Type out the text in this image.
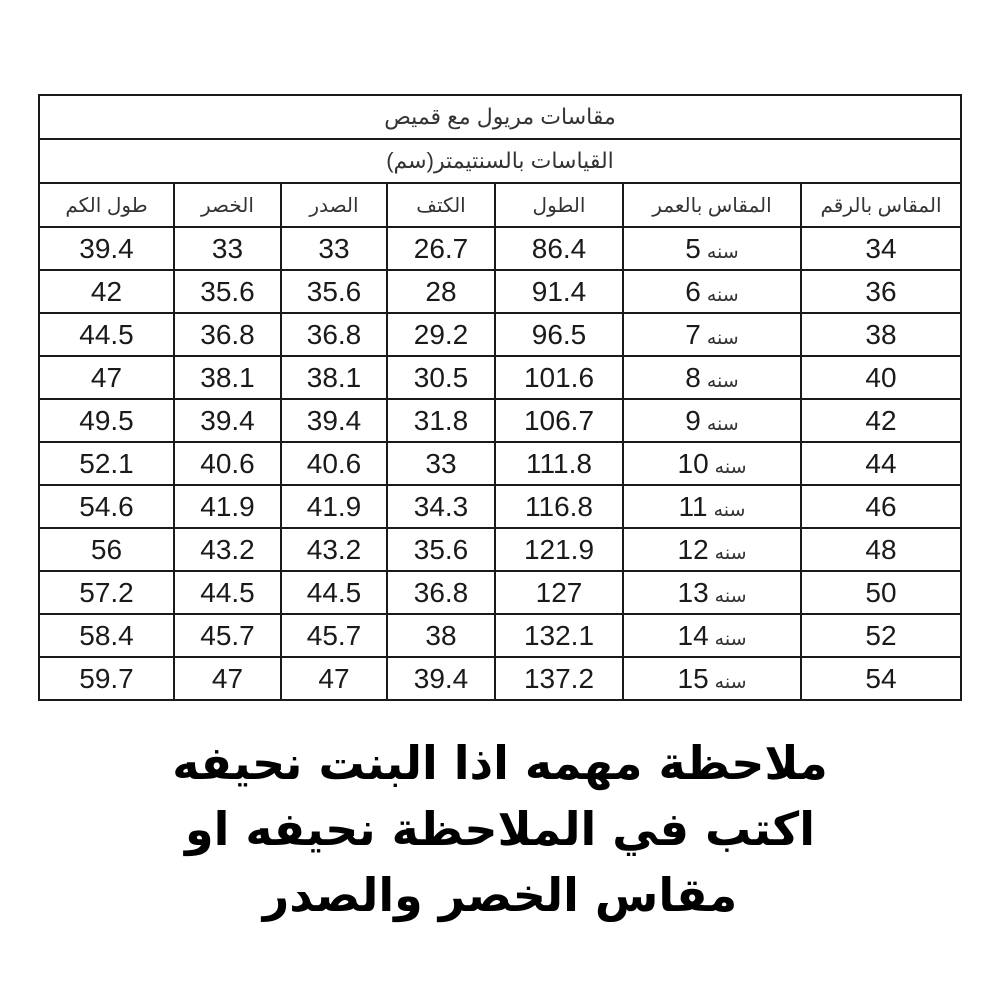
مقاسات مريول مع قميص						
القياسات بالسنتيمتر(سم)						
المقاس بالرقم	المقاس بالعمر	الطول	الكتف	الصدر	الخصر	طول الكم
34	سنه5	86.4	26.7	33	33	39.4
36	سنه6	91.4	28	35.6	35.6	42
38	سنه7	96.5	29.2	36.8	36.8	44.5
40	سنه8	101.6	30.5	38.1	38.1	47
42	سنه9	106.7	31.8	39.4	39.4	49.5
44	سنه10	111.8	33	40.6	40.6	52.1
46	سنه11	116.8	34.3	41.9	41.9	54.6
48	سنه12	121.9	35.6	43.2	43.2	56
50	سنه13	127	36.8	44.5	44.5	57.2
52	سنه14	132.1	38	45.7	45.7	58.4
54	سنه15	137.2	39.4	47	47	59.7
ملاحظة مهمه اذا البنت نحيفه
اكتب في الملاحظة نحيفه او
مقاس الخصر والصدر
